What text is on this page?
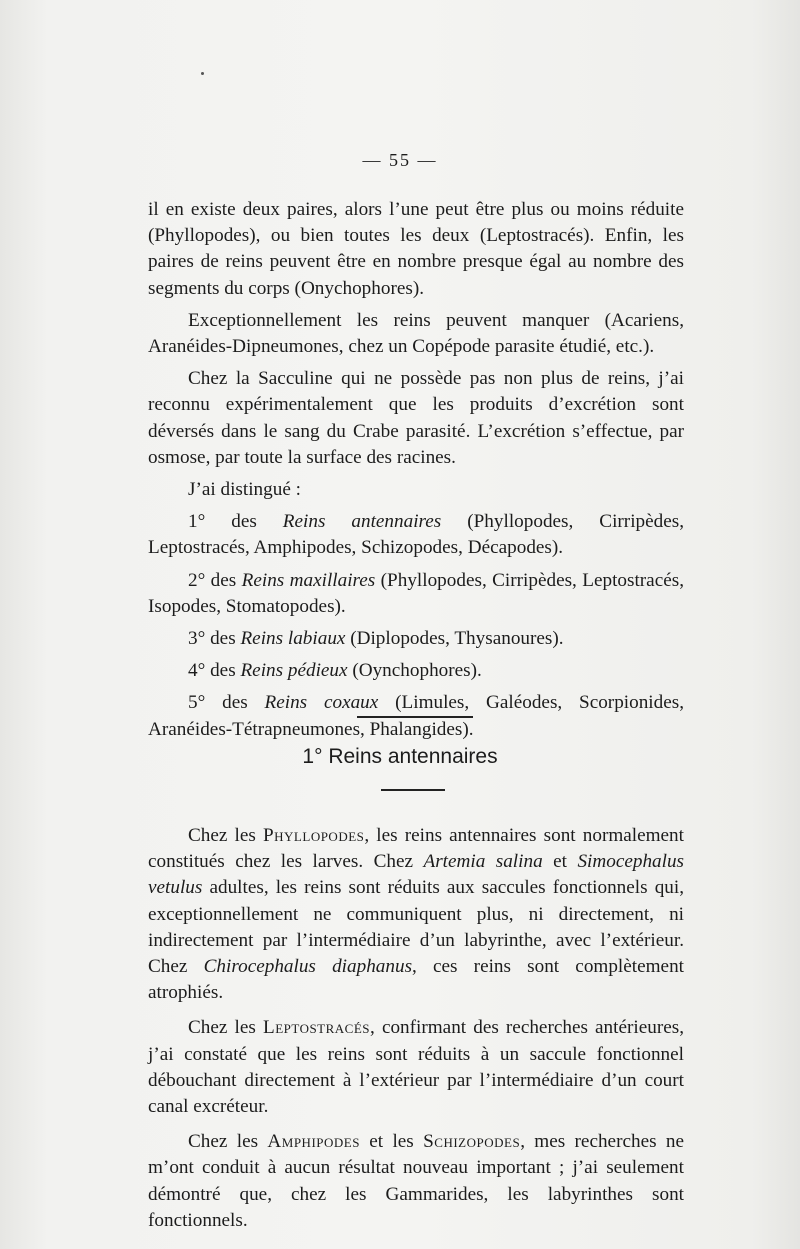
— 55 —

il en existe deux paires, alors l’une peut être plus ou moins réduite (Phyllopodes), ou bien toutes les deux (Leptostracés). Enfin, les paires de reins peuvent être en nombre presque égal au nombre des segments du corps (Onychophores).

Exceptionnellement les reins peuvent manquer (Acariens, Aranéides-Dipneumones, chez un Copépode parasite étudié, etc.).

Chez la Sacculine qui ne possède pas non plus de reins, j’ai reconnu expérimentalement que les produits d’excrétion sont déversés dans le sang du Crabe parasité. L’excrétion s’effectue, par osmose, par toute la surface des racines.

J’ai distingué :

1° des Reins antennaires (Phyllopodes, Cirripèdes, Leptostracés, Amphipodes, Schizopodes, Décapodes).

2° des Reins maxillaires (Phyllopodes, Cirripèdes, Leptostracés, Isopodes, Stomatopodes).

3° des Reins labiaux (Diplopodes, Thysanoures).

4° des Reins pédieux (Oynchophores).

5° des Reins coxaux (Limules, Galéodes, Scorpionides, Aranéides-Tétrapneumones, Phalangides).

1° Reins antennaires

Chez les Phyllopodes, les reins antennaires sont normalement constitués chez les larves. Chez Artemia salina et Simocephalus vetulus adultes, les reins sont réduits aux saccules fonctionnels qui, exceptionnellement ne communiquent plus, ni directement, ni indirectement par l’intermédiaire d’un labyrinthe, avec l’extérieur. Chez Chirocephalus diaphanus, ces reins sont complètement atrophiés.

Chez les Leptostracés, confirmant des recherches antérieures, j’ai constaté que les reins sont réduits à un saccule fonctionnel débouchant directement à l’extérieur par l’intermédiaire d’un court canal excréteur.

Chez les Amphipodes et les Schizopodes, mes recherches ne m’ont conduit à aucun résultat nouveau important ; j’ai seulement démontré que, chez les Gammarides, les labyrinthes sont fonctionnels.
